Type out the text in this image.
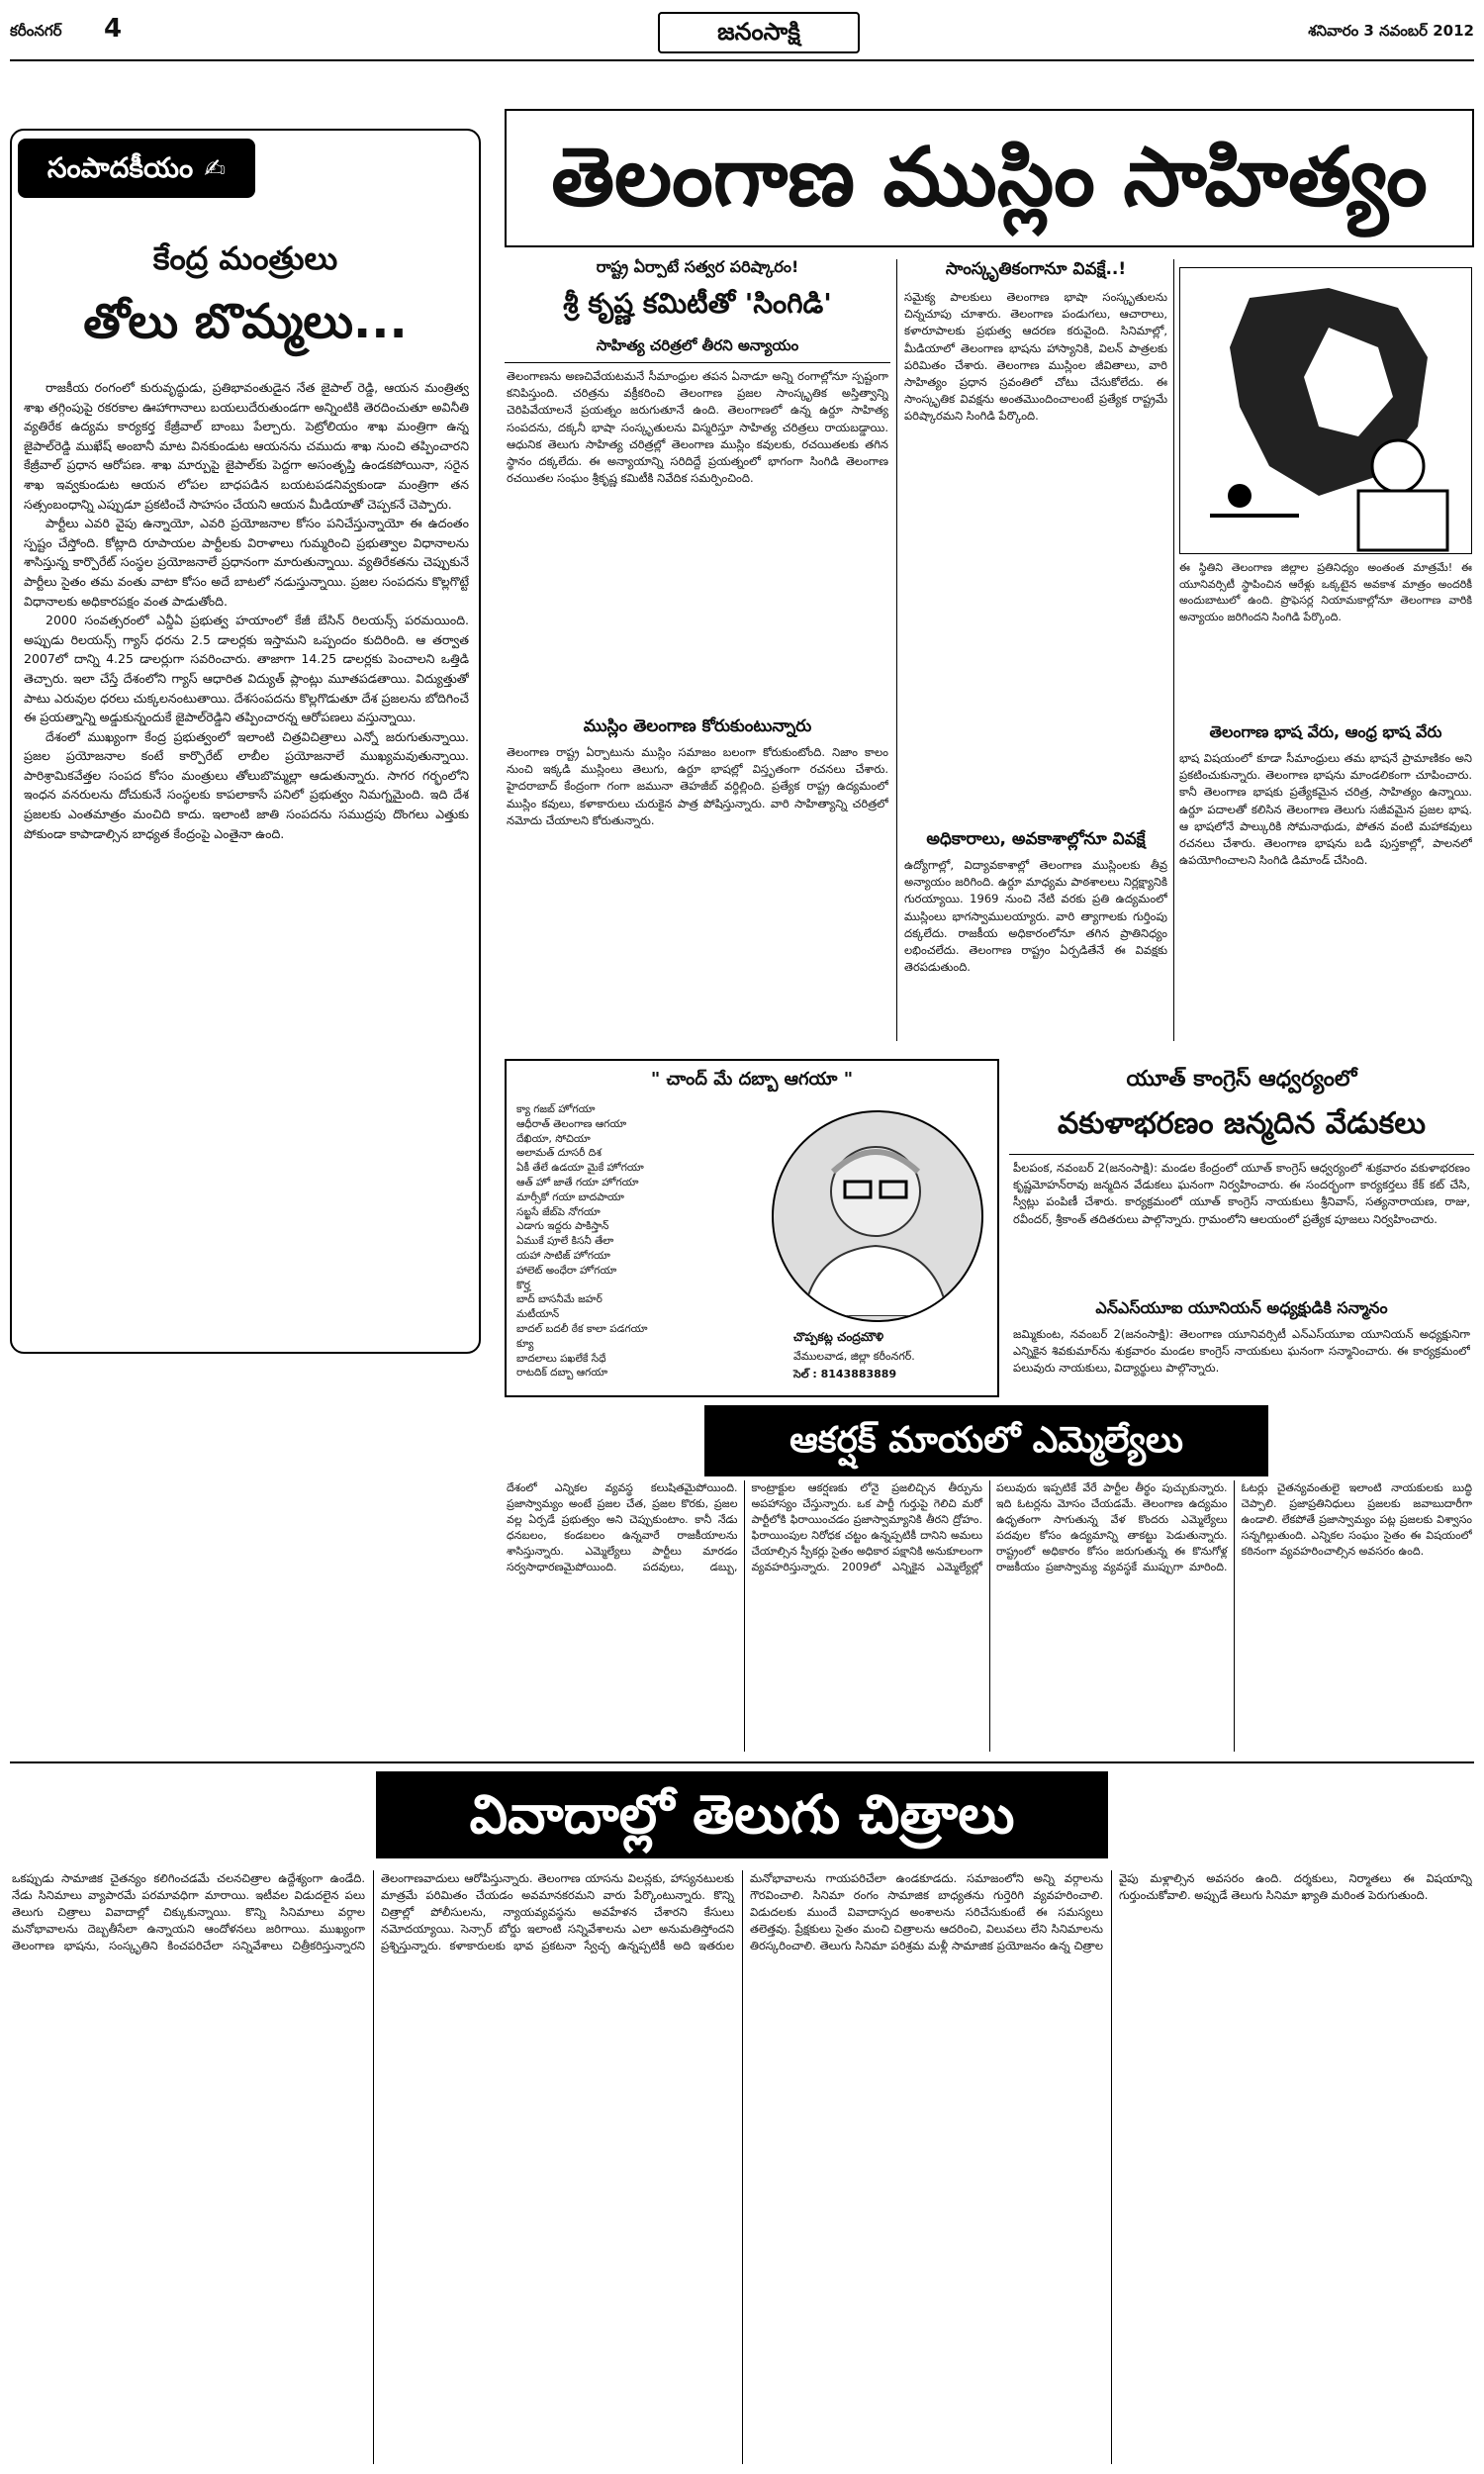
కరీంనగర్ 4	జనంసాక్షి	శనివారం 3 నవంబర్ 2012
సంపాదకీయం ✍
కేంద్ర మంత్రులు
తోలు బొమ్మలు...

రాజకీయ రంగంలో కురువృద్ధుడు, ప్రతిభావంతుడైన నేత జైపాల్ రెడ్డి, ఆయన మంత్రిత్వ శాఖ తగ్గింపుపై రకరకాల ఊహాగానాలు బయలుదేరుతుండగా అన్నింటికి తెరదించుతూ అవినీతి వ్యతిరేక ఉద్యమ కార్యకర్త కేజ్రీవాల్ బాంబు పేల్చారు. పెట్రోలియం శాఖ మంత్రిగా ఉన్న జైపాల్‌రెడ్డి ముఖేష్ అంబానీ మాట వినకుండుట ఆయనను చముదు శాఖ నుంచి తప్పించారని కేజ్రీవాల్ ప్రధాన ఆరోపణ. శాఖ మార్పుపై జైపాల్‌కు పెద్దగా అసంతృప్తి ఉండకపోయినా, సరైన శాఖ ఇవ్వకుండుట ఆయన లోపల బాధపడిన బయటపడనివ్వకుండా మంత్రిగా తన సత్సంబంధాన్ని ఎప్పుడూ ప్రకటించే సాహసం చేయని ఆయన మీడియాతో చెప్పకనే చెప్పారు.

పార్టీలు ఎవరి వైపు ఉన్నాయో, ఎవరి ప్రయోజనాల కోసం పనిచేస్తున్నాయో ఈ ఉదంతం స్పష్టం చేస్తోంది. కోట్లాది రూపాయల పార్టీలకు విరాళాలు గుమ్మరించి ప్రభుత్వాల విధానాలను శాసిస్తున్న కార్పొరేట్ సంస్థల ప్రయోజనాలే ప్రధానంగా మారుతున్నాయి. వ్యతిరేకతను చెప్పుకునే పార్టీలు సైతం తమ వంతు వాటా కోసం అదే బాటలో నడుస్తున్నాయి. ప్రజల సంపదను కొల్లగొట్టే విధానాలకు అధికారపక్షం వంత పాడుతోంది.

2000 సంవత్సరంలో ఎన్డీఏ ప్రభుత్వ హయాంలో కేజీ బేసిన్ రిలయన్స్ పరమయింది. అప్పుడు రిలయన్స్ గ్యాస్ ధరను 2.5 డాలర్లకు ఇస్తామని ఒప్పందం కుదిరింది. ఆ తర్వాత 2007లో దాన్ని 4.25 డాలర్లుగా సవరించారు. తాజాగా 14.25 డాలర్లకు పెంచాలని ఒత్తిడి తెచ్చారు. ఇలా చేస్తే దేశంలోని గ్యాస్ ఆధారిత విద్యుత్ ప్లాంట్లు మూతపడతాయి. విద్యుత్తుతో పాటు ఎరువుల ధరలు చుక్కలనంటుతాయి. దేశసంపదను కొల్లగొడుతూ దేశ ప్రజలను బోదిగించే ఈ ప్రయత్నాన్ని అడ్డుకున్నందుకే జైపాల్‌రెడ్డిని తప్పించారన్న ఆరోపణలు వస్తున్నాయి.

దేశంలో ముఖ్యంగా కేంద్ర ప్రభుత్వంలో ఇలాంటి చిత్రవిచిత్రాలు ఎన్నో జరుగుతున్నాయి. ప్రజల ప్రయోజనాల కంటే కార్పొరేట్ లాబీల ప్రయోజనాలే ముఖ్యమవుతున్నాయి. పారిశ్రామికవేత్తల సంపద కోసం మంత్రులు తోలుబొమ్మల్లా ఆడుతున్నారు. సాగర గర్భంలోని ఇంధన వనరులను దోచుకునే సంస్థలకు కాపలాకాసే పనిలో ప్రభుత్వం నిమగ్నమైంది. ఇది దేశ ప్రజలకు ఎంతమాత్రం మంచిది కాదు. ఇలాంటి జాతి సంపదను సముద్రపు దొంగలు ఎత్తుకు పోకుండా కాపాడాల్సిన బాధ్యత కేంద్రంపై ఎంతైనా ఉంది.

తెలంగాణ ముస్లిం సాహిత్యం
రాష్ట్ర ఏర్పాటే సత్వర పరిష్కారం!
శ్రీ కృష్ణ కమిటీతో 'సింగిడి'
సాహిత్య చరిత్రలో తీరని అన్యాయం
తెలంగాణను అణచివేయటమనే సీమాంధ్రుల తపన ఏనాడూ అన్ని రంగాల్లోనూ స్పష్టంగా కనిపిస్తుంది. చరిత్రను వక్రీకరించి తెలంగాణ ప్రజల సాంస్కృతిక అస్తిత్వాన్ని చెరిపివేయాలనే ప్రయత్నం జరుగుతూనే ఉంది. తెలంగాణలో ఉన్న ఉర్దూ సాహిత్య సంపదను, దక్కనీ భాషా సంస్కృతులను విస్మరిస్తూ సాహిత్య చరిత్రలు రాయబడ్డాయి. ఆధునిక తెలుగు సాహిత్య చరిత్రల్లో తెలంగాణ ముస్లిం కవులకు, రచయితలకు తగిన స్థానం దక్కలేదు. ఈ అన్యాయాన్ని సరిదిద్దే ప్రయత్నంలో భాగంగా సింగిడి తెలంగాణ రచయితల సంఘం శ్రీకృష్ణ కమిటీకి నివేదిక సమర్పించింది.
ముస్లిం తెలంగాణ కోరుకుంటున్నారు
తెలంగాణ రాష్ట్ర ఏర్పాటును ముస్లిం సమాజం బలంగా కోరుకుంటోంది. నిజాం కాలం నుంచి ఇక్కడి ముస్లింలు తెలుగు, ఉర్దూ భాషల్లో విస్తృతంగా రచనలు చేశారు. హైదరాబాద్ కేంద్రంగా గంగా జమునా తెహజీబ్ వర్ధిల్లింది. ప్రత్యేక రాష్ట్ర ఉద్యమంలో ముస్లిం కవులు, కళాకారులు చురుకైన పాత్ర పోషిస్తున్నారు. వారి సాహిత్యాన్ని చరిత్రలో నమోదు చేయాలని కోరుతున్నారు.
సాంస్కృతికంగానూ వివక్షే..!
సమైక్య పాలకులు తెలంగాణ భాషా సంస్కృతులను చిన్నచూపు చూశారు. తెలంగాణ పండుగలు, ఆచారాలు, కళారూపాలకు ప్రభుత్వ ఆదరణ కరువైంది. సినిమాల్లో, మీడియాలో తెలంగాణ భాషను హాస్యానికి, విలన్ పాత్రలకు పరిమితం చేశారు. తెలంగాణ ముస్లింల జీవితాలు, వారి సాహిత్యం ప్రధాన స్రవంతిలో చోటు చేసుకోలేదు. ఈ సాంస్కృతిక వివక్షను అంతమొందించాలంటే ప్రత్యేక రాష్ట్రమే పరిష్కారమని సింగిడి పేర్కొంది.
అధికారాలు, అవకాశాల్లోనూ వివక్షే
ఉద్యోగాల్లో, విద్యావకాశాల్లో తెలంగాణ ముస్లింలకు తీవ్ర అన్యాయం జరిగింది. ఉర్దూ మాధ్యమ పాఠశాలలు నిర్లక్ష్యానికి గురయ్యాయి. 1969 నుంచి నేటి వరకు ప్రతి ఉద్యమంలో ముస్లింలు భాగస్వాములయ్యారు. వారి త్యాగాలకు గుర్తింపు దక్కలేదు. రాజకీయ అధికారంలోనూ తగిన ప్రాతినిధ్యం లభించలేదు. తెలంగాణ రాష్ట్రం ఏర్పడితేనే ఈ వివక్షకు తెరపడుతుంది.
ఈ స్థితిని తెలంగాణ జిల్లాల ప్రతినిధ్యం అంతంత మాత్రమే! ఈ యూనివర్సిటీ స్థాపించిన ఆరేళ్లు ఒక్కటైన అవకాశ మాత్రం అందరికీ అందుబాటులో ఉంది. ప్రొఫెసర్ల నియామకాల్లోనూ తెలంగాణ వారికి అన్యాయం జరిగిందని సింగిడి పేర్కొంది.
తెలంగాణ భాష వేరు, ఆంధ్ర భాష వేరు
భాష విషయంలో కూడా సీమాంధ్రులు తమ భాషనే ప్రామాణికం అని ప్రకటించుకున్నారు. తెలంగాణ భాషను మాండలికంగా చూపించారు. కానీ తెలంగాణ భాషకు ప్రత్యేకమైన చరిత్ర, సాహిత్యం ఉన్నాయి. ఉర్దూ పదాలతో కలిసిన తెలంగాణ తెలుగు సజీవమైన ప్రజల భాష. ఆ భాషలోనే పాల్కురికి సోమనాథుడు, పోతన వంటి మహాకవులు రచనలు చేశారు. తెలంగాణ భాషను బడి పుస్తకాల్లో, పాలనలో ఉపయోగించాలని సింగిడి డిమాండ్ చేసింది.
" చాంద్ మే దబ్బా ఆగయా "
క్యా గజబ్ హోగయా
ఆధీరాత్ తెలంగాణ ఆగయా
దేఖియా, సోచియా
అలామత్ దూసరీ దిశ
ఏకీ తేలే ఉడయా మైకే హోగయా
ఆత్ హో జాతే గయా హోగయా
మార్సీకో గయా బాదపాయా
సబ్ఖసే జేబ్‌పె నోగయా
ఎడాగు ఇద్దరు పాకిస్తాన్
ఏముకే పూలే కిసనీ తేలా
యహా సాటిజ్ హోగయా
హాలెట్ అంధేరా హోగయా
కొర్హ
బాద్ బాసనీమే జహర్
మటీయాన్
బాదల్ బదలీ ఠేక కాలా పడగయా
క్యూ
బాదలాలు పఖలేకే సేధే
రాటదిక్ దబ్బా ఆగయా
చొప్పకట్ల చంద్రమౌళి
వేములవాడ, జిల్లా కరీంనగర్.
సెల్ : 8143883889
యూత్ కాంగ్రెస్ ఆధ్వర్యంలో
వకుళాభరణం జన్మదిన వేడుకలు
పీలపంక, నవంబర్ 2(జనంసాక్షి): మండల కేంద్రంలో యూత్ కాంగ్రెస్ ఆధ్వర్యంలో శుక్రవారం వకుళాభరణం కృష్ణమోహన్‌రావు జన్మదిన వేడుకలు ఘనంగా నిర్వహించారు. ఈ సందర్భంగా కార్యకర్తలు కేక్ కట్ చేసి, స్వీట్లు పంపిణీ చేశారు. కార్యక్రమంలో యూత్ కాంగ్రెస్ నాయకులు శ్రీనివాస్, సత్యనారాయణ, రాజు, రవీందర్, శ్రీకాంత్ తదితరులు పాల్గొన్నారు. గ్రామంలోని ఆలయంలో ప్రత్యేక పూజలు నిర్వహించారు.
ఎన్ఎస్‌యూఐ యూనియన్ అధ్యక్షుడికి సన్మానం
జమ్మికుంట, నవంబర్ 2(జనంసాక్షి): తెలంగాణ యూనివర్సిటీ ఎన్ఎస్‌యూఐ యూనియన్ అధ్యక్షునిగా ఎన్నికైన శివకుమార్‌ను శుక్రవారం మండల కాంగ్రెస్ నాయకులు ఘనంగా సన్మానించారు. ఈ కార్యక్రమంలో పలువురు నాయకులు, విద్యార్థులు పాల్గొన్నారు.
ఆకర్షక్ మాయలో ఎమ్మెల్యేలు
దేశంలో ఎన్నికల వ్యవస్థ కలుషితమైపోయింది. ప్రజాస్వామ్యం అంటే ప్రజల చేత, ప్రజల కొరకు, ప్రజల వల్ల ఏర్పడే ప్రభుత్వం అని చెప్పుకుంటాం. కానీ నేడు ధనబలం, కండబలం ఉన్నవారే రాజకీయాలను శాసిస్తున్నారు. ఎమ్మెల్యేలు పార్టీలు మారడం సర్వసాధారణమైపోయింది. పదవులు, డబ్బు, కాంట్రాక్టుల ఆకర్షణకు లోనై ప్రజలిచ్చిన తీర్పును అపహాస్యం చేస్తున్నారు. ఒక పార్టీ గుర్తుపై గెలిచి మరో పార్టీలోకి ఫిరాయించడం ప్రజాస్వామ్యానికి తీరని ద్రోహం. ఫిరాయింపుల నిరోధక చట్టం ఉన్నప్పటికీ దానిని అమలు చేయాల్సిన స్పీకర్లు సైతం అధికార పక్షానికి అనుకూలంగా వ్యవహరిస్తున్నారు. 2009లో ఎన్నికైన ఎమ్మెల్యేల్లో పలువురు ఇప్పటికే వేరే పార్టీల తీర్థం పుచ్చుకున్నారు. ఇది ఓటర్లను మోసం చేయడమే. తెలంగాణ ఉద్యమం ఉధృతంగా సాగుతున్న వేళ కొందరు ఎమ్మెల్యేలు పదవుల కోసం ఉద్యమాన్ని తాకట్టు పెడుతున్నారు. రాష్ట్రంలో అధికారం కోసం జరుగుతున్న ఈ కొనుగోళ్ల రాజకీయం ప్రజాస్వామ్య వ్యవస్థకే ముప్పుగా మారింది. ఓటర్లు చైతన్యవంతులై ఇలాంటి నాయకులకు బుద్ధి చెప్పాలి. ప్రజాప్రతినిధులు ప్రజలకు జవాబుదారీగా ఉండాలి. లేకపోతే ప్రజాస్వామ్యం పట్ల ప్రజలకు విశ్వాసం సన్నగిల్లుతుంది. ఎన్నికల సంఘం సైతం ఈ విషయంలో కఠినంగా వ్యవహరించాల్సిన అవసరం ఉంది.
వివాదాల్లో తెలుగు చిత్రాలు
ఒకప్పుడు సామాజిక చైతన్యం కలిగించడమే చలనచిత్రాల ఉద్దేశ్యంగా ఉండేది. నేడు సినిమాలు వ్యాపారమే పరమావధిగా మారాయి. ఇటీవల విడుదలైన పలు తెలుగు చిత్రాలు వివాదాల్లో చిక్కుకున్నాయి. కొన్ని సినిమాలు వర్గాల మనోభావాలను దెబ్బతీసేలా ఉన్నాయని ఆందోళనలు జరిగాయి. ముఖ్యంగా తెలంగాణ భాషను, సంస్కృతిని కించపరిచేలా సన్నివేశాలు చిత్రీకరిస్తున్నారని తెలంగాణవాదులు ఆరోపిస్తున్నారు. తెలంగాణ యాసను విలన్లకు, హాస్యనటులకు మాత్రమే పరిమితం చేయడం అవమానకరమని వారు పేర్కొంటున్నారు. కొన్ని చిత్రాల్లో పోలీసులను, న్యాయవ్యవస్థను అవహేళన చేశారని కేసులు నమోదయ్యాయి. సెన్సార్ బోర్డు ఇలాంటి సన్నివేశాలను ఎలా అనుమతిస్తోందని ప్రశ్నిస్తున్నారు. కళాకారులకు భావ ప్రకటనా స్వేచ్ఛ ఉన్నప్పటికీ అది ఇతరుల మనోభావాలను గాయపరిచేలా ఉండకూడదు. సమాజంలోని అన్ని వర్గాలను గౌరవించాలి. సినిమా రంగం సామాజిక బాధ్యతను గుర్తెరిగి వ్యవహరించాలి. విడుదలకు ముందే వివాదాస్పద అంశాలను సరిచేసుకుంటే ఈ సమస్యలు తలెత్తవు. ప్రేక్షకులు సైతం మంచి చిత్రాలను ఆదరించి, విలువలు లేని సినిమాలను తిరస్కరించాలి. తెలుగు సినిమా పరిశ్రమ మళ్లీ సామాజిక ప్రయోజనం ఉన్న చిత్రాల వైపు మళ్లాల్సిన అవసరం ఉంది. దర్శకులు, నిర్మాతలు ఈ విషయాన్ని గుర్తుంచుకోవాలి. అప్పుడే తెలుగు సినిమా ఖ్యాతి మరింత పెరుగుతుంది.
